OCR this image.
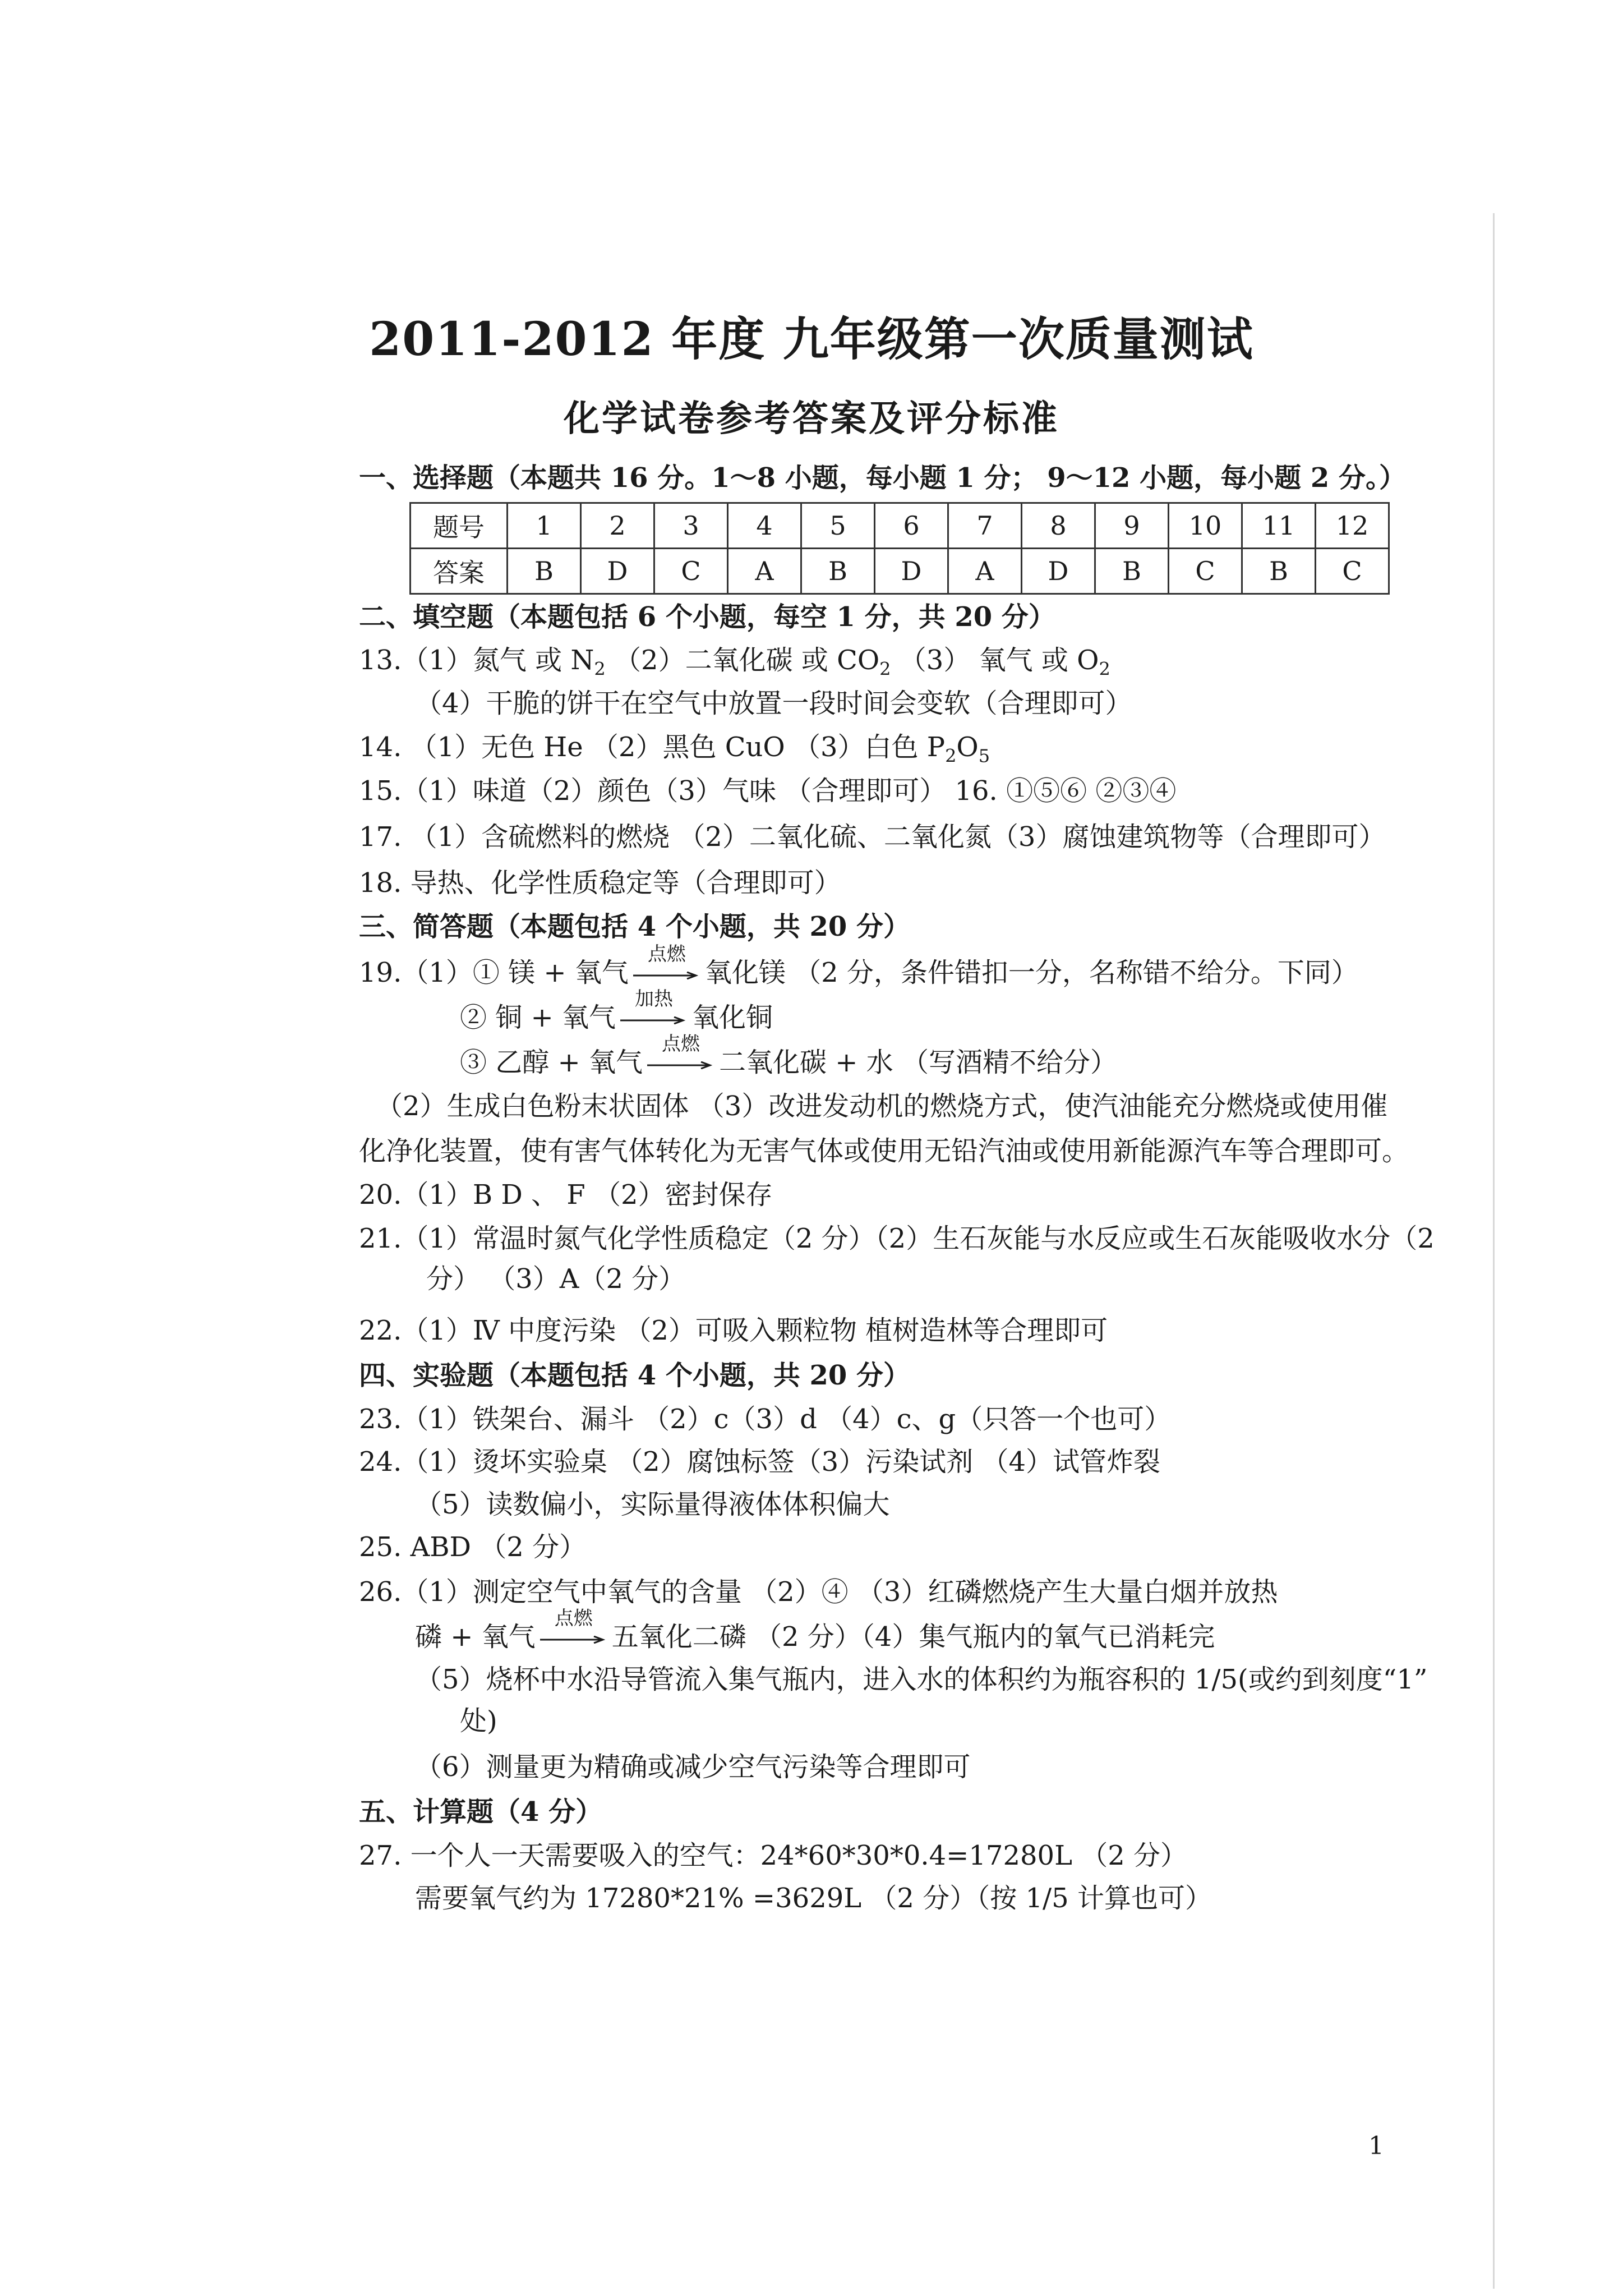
2011-2012 年度 九年级第一次质量测试
化学试卷参考答案及评分标准
一、选择题（本题共 16 分。1～8 小题，每小题 1 分； 9～12 小题，每小题 2 分。）
题号	1	2	3	4	5	6	7	8	9	10	11	12
答案	B	D	C	A	B	D	A	D	B	C	B	C
二、填空题（本题包括 6 个小题，每空 1 分，共 20 分）
13.（1）氮气 或 $N_2$ （2）二氧化碳 或 $CO_2$ （3） 氧气 或 $O_2$
（4）干脆的饼干在空气中放置一段时间会变软（合理即可）
14. （1）无色 He （2）黑色 CuO （3）白色 $P_2O_5$
15.（1）味道（2）颜色（3）气味 （合理即可） 16. ①⑤⑥ ②③④
17. （1）含硫燃料的燃烧 （2）二氧化硫、二氧化氮（3）腐蚀建筑物等（合理即可）
18. 导热、化学性质稳定等（合理即可）
三、简答题（本题包括 4 个小题，共 20 分）
19.（1）① 镁 + 氧气
点燃
氧化镁 （2 分，条件错扣一分，名称错不给分。下同）
② 铜 + 氧气
加热
氧化铜
③ 乙醇 + 氧气
点燃
二氧化碳 + 水 （写酒精不给分）
（2）生成白色粉末状固体 （3）改进发动机的燃烧方式，使汽油能充分燃烧或使用催
化净化装置，使有害气体转化为无害气体或使用无铅汽油或使用新能源汽车等合理即可。
20.（1）B D 、 F （2）密封保存
21.（1）常温时氮气化学性质稳定（2 分）（2）生石灰能与水反应或生石灰能吸收水分（2
分） （3）A（2 分）
22.（1）Ⅳ 中度污染 （2）可吸入颗粒物 植树造林等合理即可
四、实验题（本题包括 4 个小题，共 20 分）
23.（1）铁架台、漏斗 （2）c（3）d （4）c、g（只答一个也可）
24.（1）烫坏实验桌 （2）腐蚀标签（3）污染试剂 （4）试管炸裂
（5）读数偏小，实际量得液体体积偏大
25. ABD （2 分）
26.（1）测定空气中氧气的含量 （2）④ （3）红磷燃烧产生大量白烟并放热
磷 + 氧气
点燃
五氧化二磷 （2 分）（4）集气瓶内的氧气已消耗完
（5）烧杯中水沿导管流入集气瓶内，进入水的体积约为瓶容积的 1/5(或约到刻度“1”
处)
（6）测量更为精确或减少空气污染等合理即可
五、计算题（4 分）
27. 一个人一天需要吸入的空气：24*60*30*0.4=17280L （2 分）
需要氧气约为 17280*21% =3629L （2 分）（按 1/5 计算也可）
1
